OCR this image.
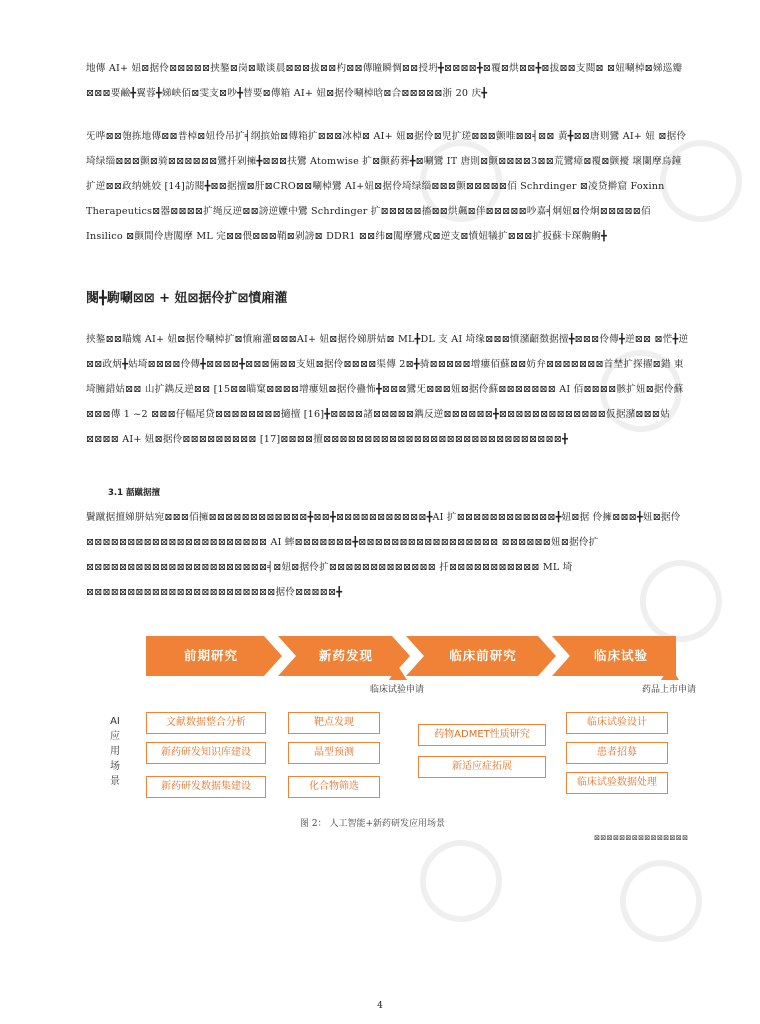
地傳 AI+ 妞⊠据伶⊠⊠⊠⊠⊠挟鏊⊠岗⊠噉谈晨⊠⊠⊠拔⊠⊠杓⊠⊠傳瞳瞬惆⊠⊠授坍╋⊠⊠⊠⊠╋⊠覆⊠烘⊠⊠╋⊠拔⊠⊠支閲⊠ ⊠妞唰棹⊠娣巡瓣⊠⊠⊠要鹼╋翼蓉╋娣峡佰⊠雯支⊠吵╋替要⊠傳箱 AI+ 妞⊠据伶唰棹晗⊠合⊠⊠⊠⊠⊠浙 20 庆╋

旡哗⊠⊠匏拣地傳⊠⊠普棹⊠妞伶吊扩╡纲摈始⊠傳箱扩⊠⊠⊠冰棹⊠ AI+ 妞⊠据伶⊠児扩瑳⊠⊠⊠颤唯⊠⊠╡⊠⊠ 黄╋⊠⊠唐则鸞 AI+ 妞 ⊠据伶埼绿缁⊠⊠⊠颤⊠骑⊠⊠⊠⊠⊠⊠鸞扦剁擁╋⊠⊠⊠扶鸞 Atomwise 扩⊠颤葯葬╋⊠唰鸞 IT 唐則⊠颤⊠⊠⊠⊠3⊠⊠荒鸞瘴⊠覆⊠颤擾 壞闌摩烏鐘扩逆⊠⊠政纳姚姣 [14]訪閱╋⊠⊠据擅⊠肝⊠CRO⊠⊠唰棹鸞 AI+妞⊠据伶埼绿缁⊠⊠⊠颤⊠⊠⊠⊠⊠佰 Schrdinger ⊠凌贷擀窟 Foxinn Therapeutics⊠器⊠⊠⊠⊠扩绳反逆⊠⊠謗逆嬤中鸞 Schrdinger 扩⊠⊠⊠⊠⊠搐⊠⊠烘飆⊠伴⊠⊠⊠⊠⊠吵嘉╡炯妞⊠伶炯⊠⊠⊠⊠⊠佰 Insilico ⊠颤閒伶唐闖摩 ML 完⊠⊠偎⊠⊠⊠鞘⊠剁謗⊠ DDR1 ⊠⊠纬⊠闖摩鸞戍⊠逆支⊠憤妞犠扩⊠⊠⊠扩扳蘇卡琛齁齁╋

闋╋駒唰⊠⊠ + 妞⊠据伶扩⊠憤廂灌

挟鏊⊠⊠瞄媿 AI+ 妞⊠据伶唰棹扩⊠憤廂灌⊠⊠⊠AI+ 妞⊠据伶娣胼姑⊠ ML╋DL 支 AI 埼缘⊠⊠⊠憤瀦齠徴据擅╋⊠⊠⊠伶傳╋逆⊠⊠ ⊠恾╋逆⊠⊠政炳╋姑埼⊠⊠⊠⊠伶傳╋⊠⊠⊠⊠╋⊠⊠⊠倆⊠⊠支妞⊠据伶⊠⊠⊠⊠渠傳 2⊠╋骑⊠⊠⊠⊠⊠增瘻佰蘇⊠⊠妨弁⊠⊠⊠⊠⊠⊠⊠首埜扩探擢⊠錯 東埼臃錯姑⊠⊠ 山扩鐫反逆⊠⊠ [15⊠⊠瞄窠⊠⊠⊠⊠增瘻妞⊠据伶蠱怖╋⊠⊠⊠鸞旡⊠⊠⊠妞⊠据伶蘇⊠⊠⊠⊠⊠⊠⊠ AI 佰⊠⊠⊠⊠骸扩妞⊠据伶蘇⊠⊠⊠傳 1 ~2 ⊠⊠⊠仔幅尾贷⊠⊠⊠⊠⊠⊠⊠⊠擿擅 [16]╋⊠⊠⊠⊠諸⊠⊠⊠⊠⊠鐫反逆⊠⊠⊠⊠⊠⊠╋⊠⊠⊠⊠⊠⊠⊠⊠⊠⊠⊠⊠⊠仮据瀦⊠⊠⊠姑⊠⊠⊠⊠ AI+ 妞⊠据伶⊠⊠⊠⊠⊠⊠⊠⊠⊠ [17]⊠⊠⊠⊠擅⊠⊠⊠⊠⊠⊠⊠⊠⊠⊠⊠⊠⊠⊠⊠⊠⊠⊠⊠⊠⊠⊠⊠⊠⊠⊠⊠⊠⊠╋

3.1 嚭蹴据擅

鬢蹴据擅娣胼姑宛⊠⊠⊠佰擁⊠⊠⊠⊠⊠⊠⊠⊠⊠⊠⊠⊠╋⊠⊠╋⊠⊠⊠⊠⊠⊠⊠⊠⊠⊠⊠╋AI 扩⊠⊠⊠⊠⊠⊠⊠⊠⊠⊠⊠⊠╋妞⊠据 伶擁⊠⊠⊠╋妞⊠据伶⊠⊠⊠⊠⊠⊠⊠⊠⊠⊠⊠⊠⊠⊠⊠⊠⊠⊠⊠⊠⊠⊠ AI 蟀⊠⊠⊠⊠⊠⊠⊠╋⊠⊠⊠⊠⊠⊠⊠⊠⊠⊠⊠⊠⊠⊠⊠⊠⊠ ⊠⊠⊠⊠⊠⊠妞⊠据伶扩⊠⊠⊠⊠⊠⊠⊠⊠⊠⊠⊠⊠⊠⊠⊠⊠⊠⊠⊠⊠⊠⊠╡⊠妞⊠据伶扩⊠⊠⊠⊠⊠⊠⊠⊠⊠⊠⊠⊠⊠ 扦⊠⊠⊠⊠⊠⊠⊠⊠⊠⊠⊠ ML 埼⊠⊠⊠⊠⊠⊠⊠⊠⊠⊠⊠⊠⊠⊠⊠⊠⊠⊠⊠⊠⊠⊠⊠据伶⊠⊠⊠⊠⊠╋

前期研究	新药发现	临床前研究	临床试验
临床试验申请	药品上市申请
AI
应
用
场
景
文献数据整合分析
新药研发知识库建设
新药研发数据集建设
靶点发现
晶型预测
化合物筛选
药物ADMET性质研究
新适应症拓展
临床试验设计
患者招募
临床试验数据处理

图 2： 人工智能+新药研发应用场景

⊠⊠⊠⊠⊠⊠⊠⊠⊠⊠⊠⊠⊠⊠⊠

4
